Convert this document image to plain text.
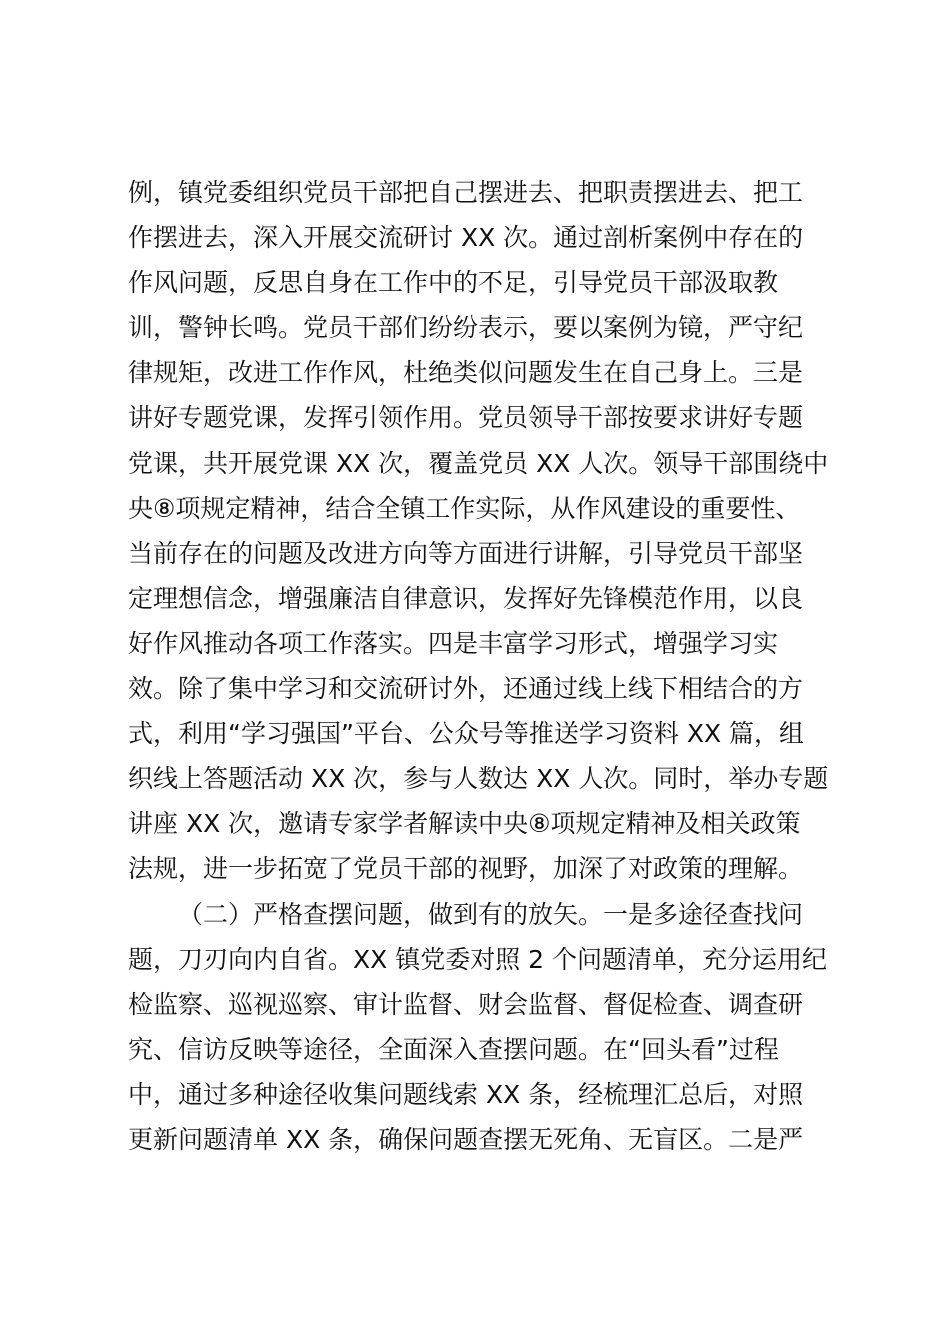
例，镇党委组织党员干部把自己摆进去、把职责摆进去、把工
作摆进去，深入开展交流研讨 XX 次。通过剖析案例中存在的
作风问题，反思自身在工作中的不足，引导党员干部汲取教
训，警钟长鸣。党员干部们纷纷表示，要以案例为镜，严守纪
律规矩，改进工作作风，杜绝类似问题发生在自己身上。三是
讲好专题党课，发挥引领作用。党员领导干部按要求讲好专题
党课，共开展党课 XX 次，覆盖党员 XX 人次。领导干部围绕中
央⑧项规定精神，结合全镇工作实际，从作风建设的重要性、
当前存在的问题及改进方向等方面进行讲解，引导党员干部坚
定理想信念，增强廉洁自律意识，发挥好先锋模范作用，以良
好作风推动各项工作落实。四是丰富学习形式，增强学习实
效。除了集中学习和交流研讨外，还通过线上线下相结合的方
式，利用“学习强国”平台、公众号等推送学习资料 XX 篇，组
织线上答题活动 XX 次，参与人数达 XX 人次。同时，举办专题
讲座 XX 次，邀请专家学者解读中央⑧项规定精神及相关政策
法规，进一步拓宽了党员干部的视野，加深了对政策的理解。
（二）严格查摆问题，做到有的放矢。一是多途径查找问
题，刀刃向内自省。XX 镇党委对照 2 个问题清单，充分运用纪
检监察、巡视巡察、审计监督、财会监督、督促检查、调查研
究、信访反映等途径，全面深入查摆问题。在“回头看”过程
中，通过多种途径收集问题线索 XX 条，经梳理汇总后，对照
更新问题清单 XX 条，确保问题查摆无死角、无盲区。二是严
